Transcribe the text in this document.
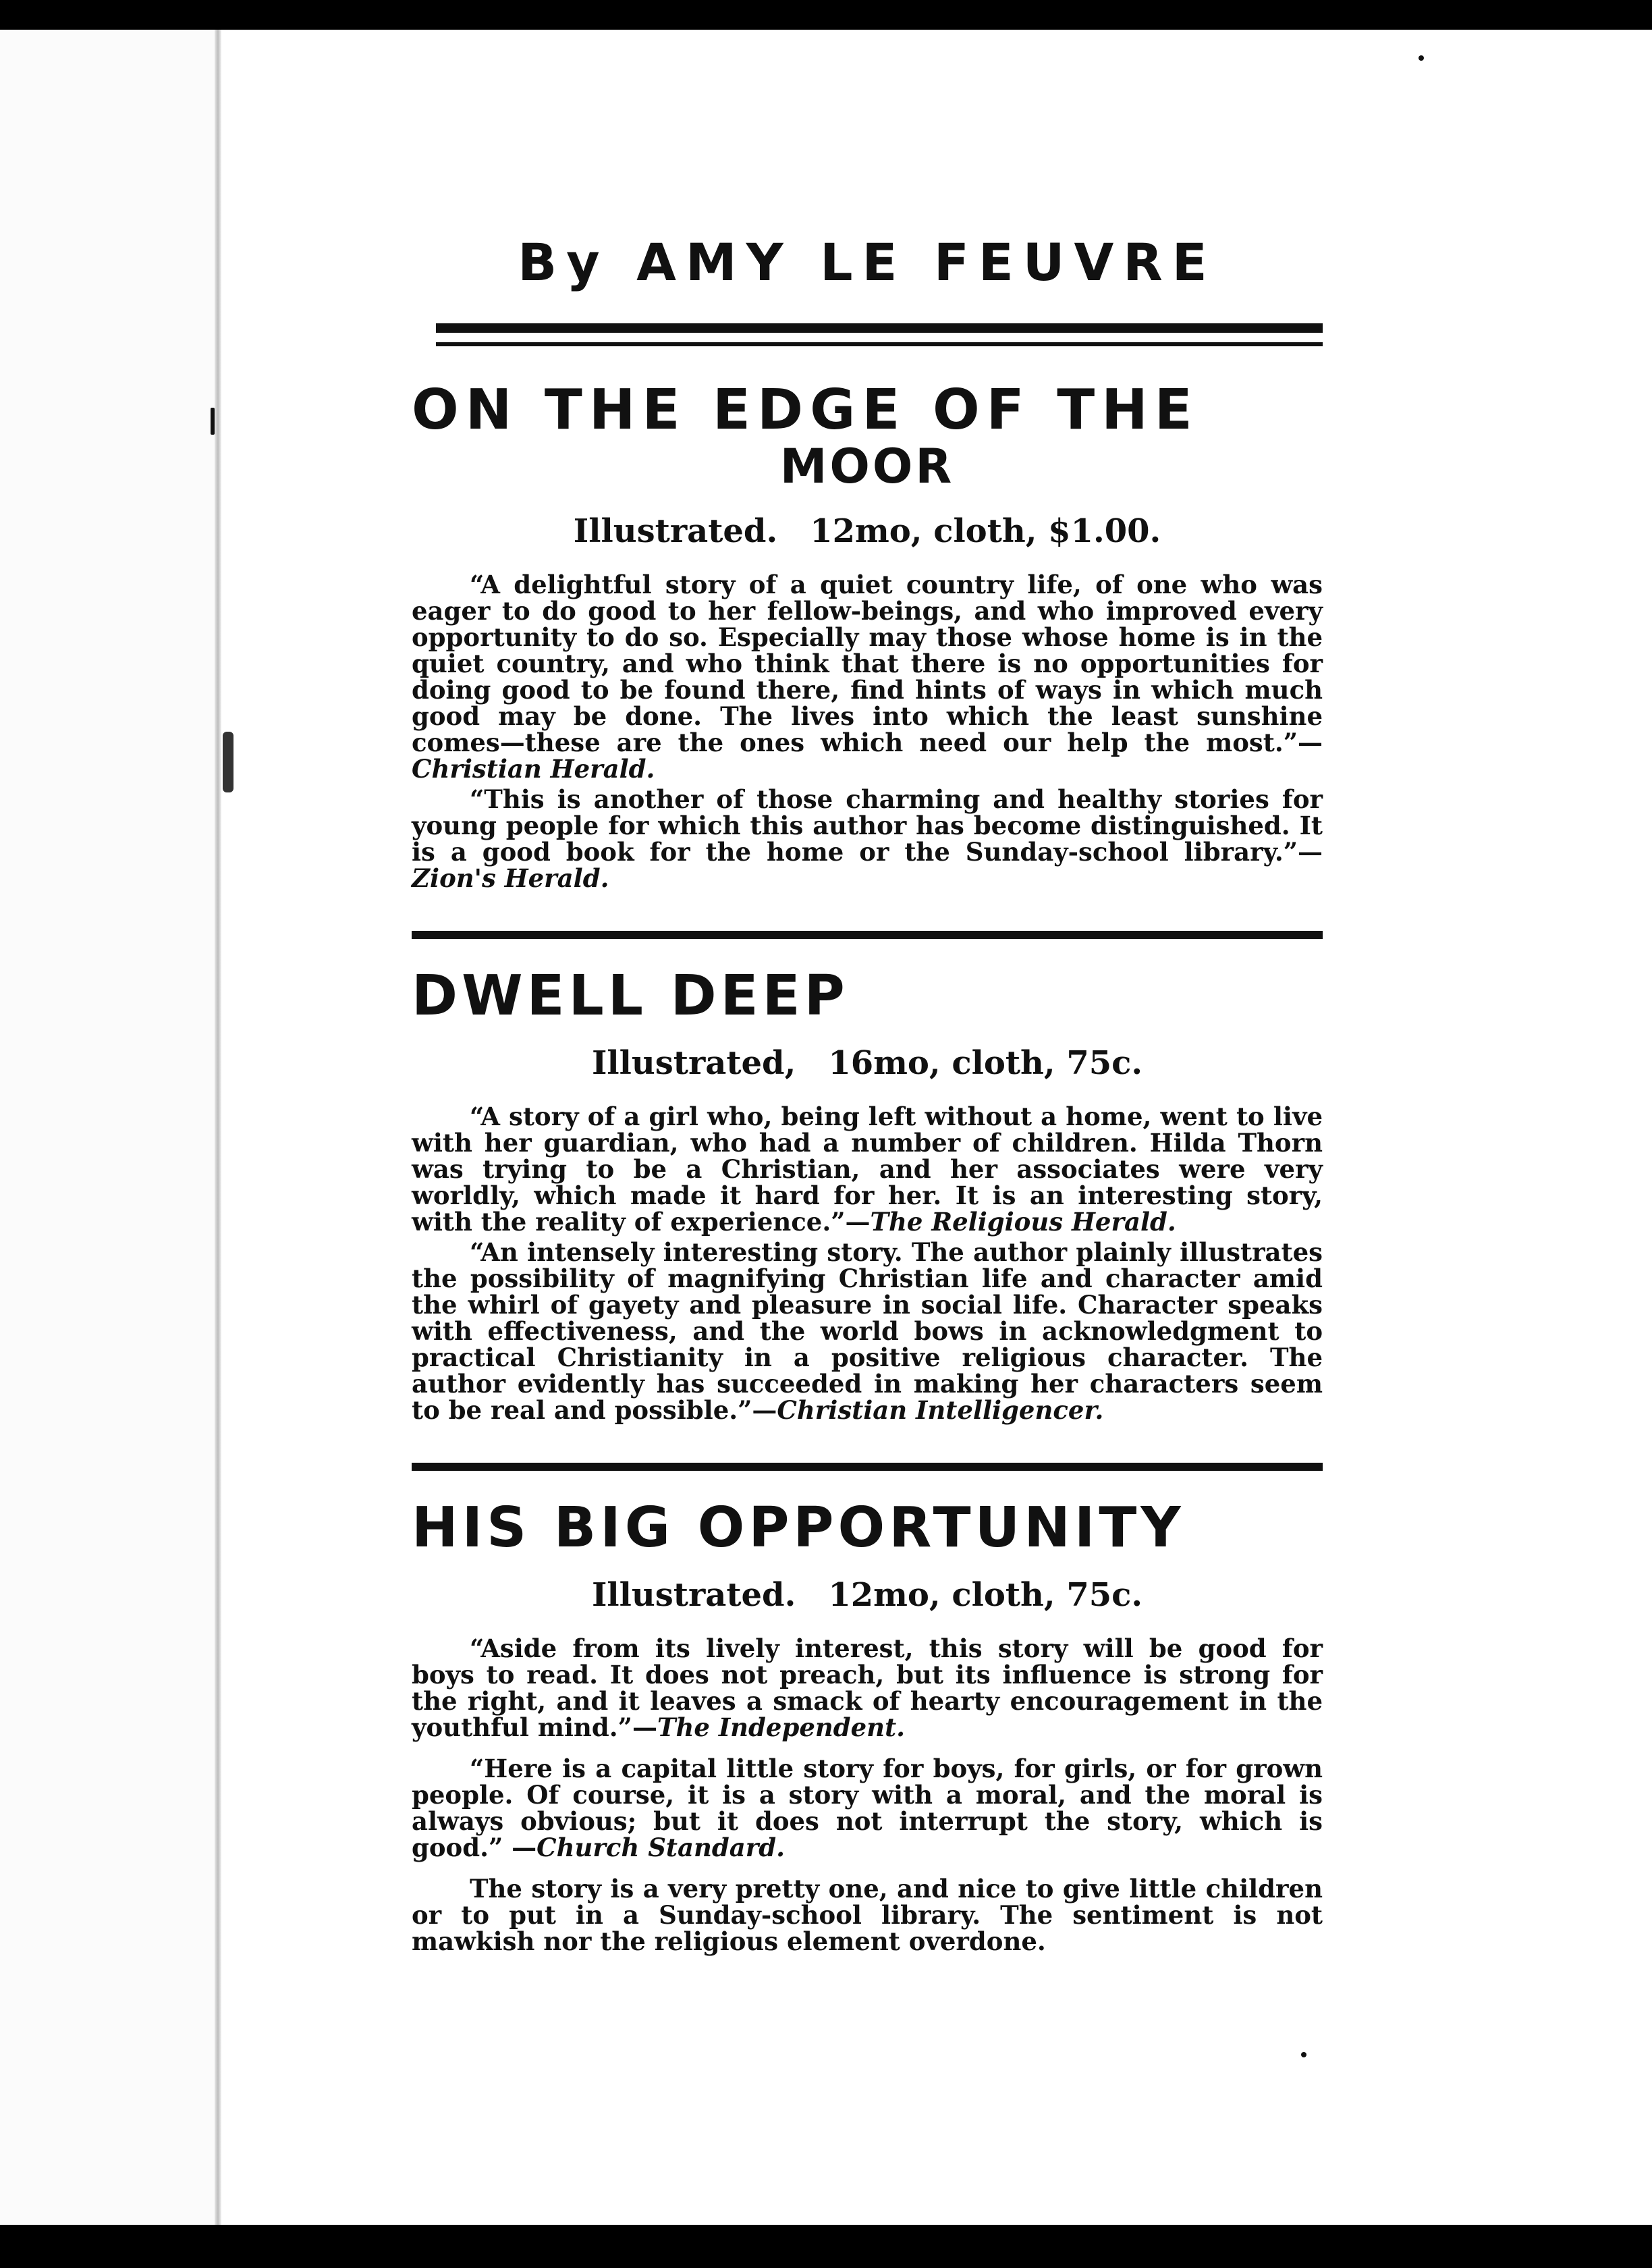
By AMY LE FEUVRE
ON THE EDGE OF THE
MOOR
Illustrated. 12mo, cloth, $1.00.

“A delightful story of a quiet country life, of one who was eager to do good to her fellow-beings, and who improved every opportunity to do so. Especially may those whose home is in the quiet country, and who think that there is no opportunities for doing good to be found there, find hints of ways in which much good may be done. The lives into which the least sunshine comes—these are the ones which need our help the most.”—Christian Herald.

“This is another of those charming and healthy stories for young people for which this author has become distinguished. It is a good book for the home or the Sunday-school library.”—Zion's Herald.

DWELL DEEP
Illustrated, 16mo, cloth, 75c.

“A story of a girl who, being left without a home, went to live with her guardian, who had a number of children. Hilda Thorn was trying to be a Christian, and her associates were very worldly, which made it hard for her. It is an interesting story, with the reality of experience.”—The Religious Herald.

“An intensely interesting story. The author plainly illustrates the possibility of magnifying Christian life and character amid the whirl of gayety and pleasure in social life. Character speaks with effectiveness, and the world bows in acknowledgment to practical Christianity in a positive religious character. The author evidently has succeeded in making her characters seem to be real and possible.”—Christian Intelligencer.

HIS BIG OPPORTUNITY
Illustrated. 12mo, cloth, 75c.

“Aside from its lively interest, this story will be good for boys to read. It does not preach, but its influence is strong for the right, and it leaves a smack of hearty encouragement in the youthful mind.”—The Independent.

“Here is a capital little story for boys, for girls, or for grown people. Of course, it is a story with a moral, and the moral is always obvious; but it does not interrupt the story, which is good.” —Church Standard.

The story is a very pretty one, and nice to give little children or to put in a Sunday-school library. The sentiment is not mawkish nor the religious element overdone.
